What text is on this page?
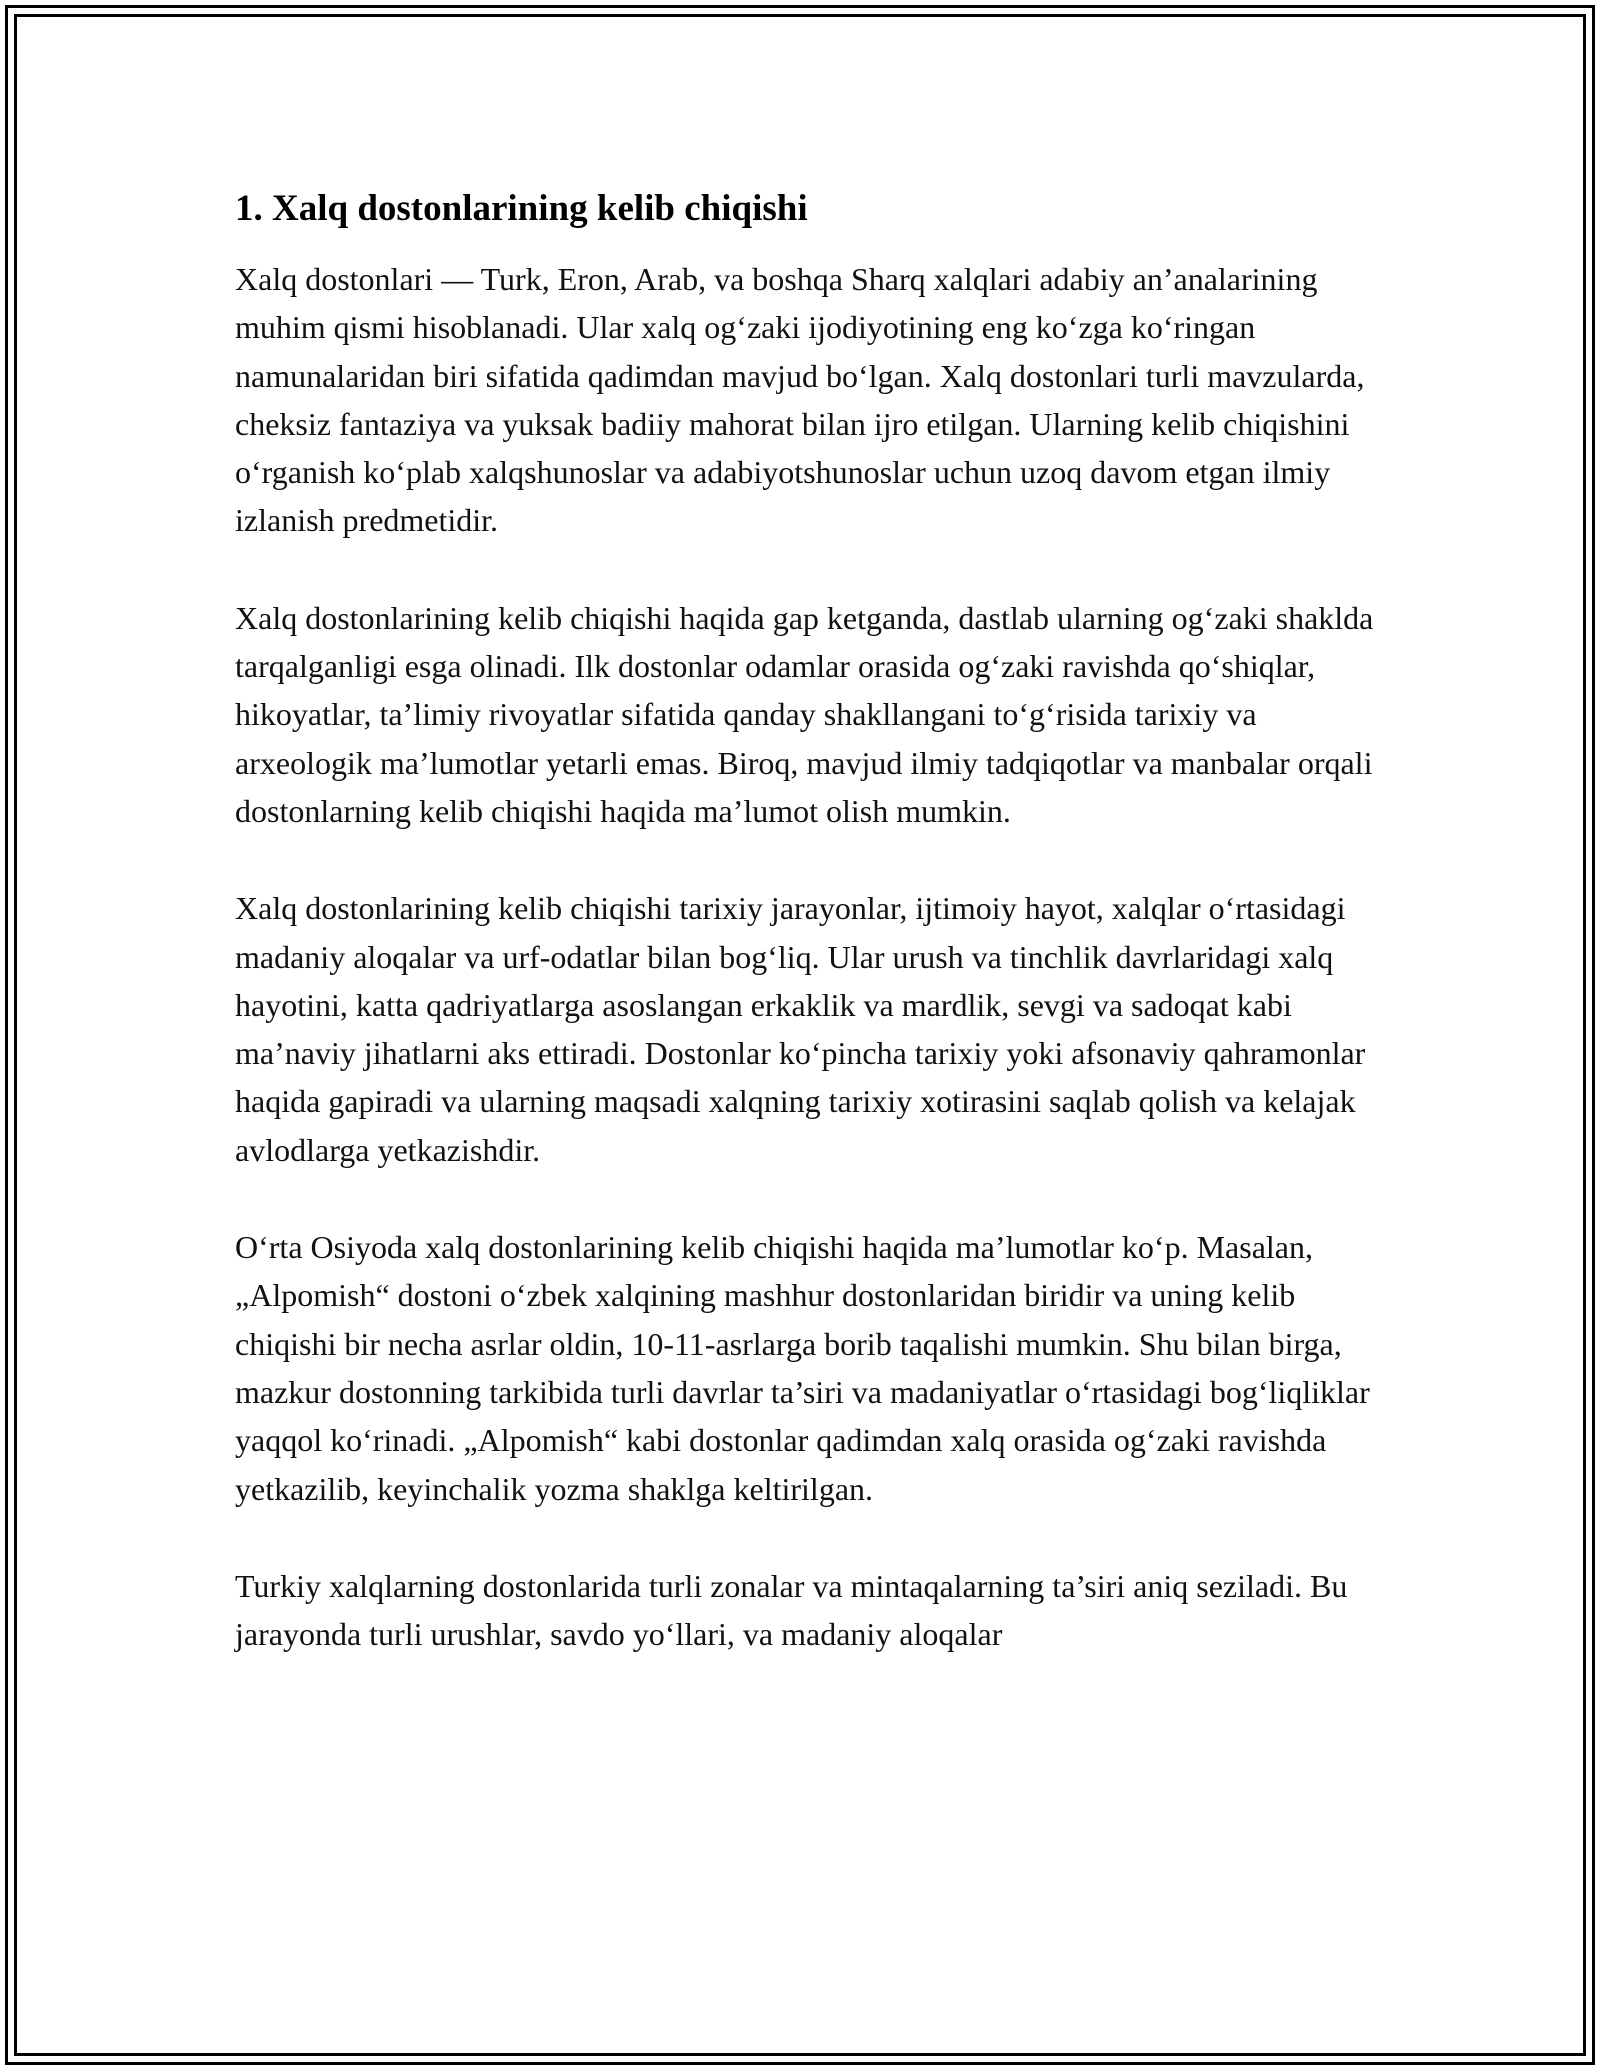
1. Xalq dostonlarining kelib chiqishi

Xalq dostonlari — Turk, Eron, Arab, va boshqa Sharq xalqlari adabiy an’analarining muhim qismi hisoblanadi. Ular xalq og‘zaki ijodiyotining eng ko‘zga ko‘ringan namunalaridan biri sifatida qadimdan mavjud bo‘lgan. Xalq dostonlari turli mavzularda, cheksiz fantaziya va yuksak badiiy mahorat bilan ijro etilgan. Ularning kelib chiqishini o‘rganish ko‘plab xalqshunoslar va adabiyotshunoslar uchun uzoq davom etgan ilmiy izlanish predmetidir.

Xalq dostonlarining kelib chiqishi haqida gap ketganda, dastlab ularning og‘zaki shaklda tarqalganligi esga olinadi. Ilk dostonlar odamlar orasida og‘zaki ravishda qo‘shiqlar, hikoyatlar, ta’limiy rivoyatlar sifatida qanday shakllangani to‘g‘risida tarixiy va arxeologik ma’lumotlar yetarli emas. Biroq, mavjud ilmiy tadqiqotlar va manbalar orqali dostonlarning kelib chiqishi haqida ma’lumot olish mumkin.

Xalq dostonlarining kelib chiqishi tarixiy jarayonlar, ijtimoiy hayot, xalqlar o‘rtasidagi madaniy aloqalar va urf-odatlar bilan bog‘liq. Ular urush va tinchlik davrlaridagi xalq hayotini, katta qadriyatlarga asoslangan erkaklik va mardlik, sevgi va sadoqat kabi ma’naviy jihatlarni aks ettiradi. Dostonlar ko‘pincha tarixiy yoki afsonaviy qahramonlar haqida gapiradi va ularning maqsadi xalqning tarixiy xotirasini saqlab qolish va kelajak avlodlarga yetkazishdir.

O‘rta Osiyoda xalq dostonlarining kelib chiqishi haqida ma’lumotlar ko‘p. Masalan, „Alpomish“ dostoni o‘zbek xalqining mashhur dostonlaridan biridir va uning kelib chiqishi bir necha asrlar oldin, 10-11-asrlarga borib taqalishi mumkin. Shu bilan birga, mazkur dostonning tarkibida turli davrlar ta’siri va madaniyatlar o‘rtasidagi bog‘liqliklar yaqqol ko‘rinadi. „Alpomish“ kabi dostonlar qadimdan xalq orasida og‘zaki ravishda yetkazilib, keyinchalik yozma shaklga keltirilgan.

Turkiy xalqlarning dostonlarida turli zonalar va mintaqalarning ta’siri aniq seziladi. Bu jarayonda turli urushlar, savdo yo‘llari, va madaniy aloqalar
